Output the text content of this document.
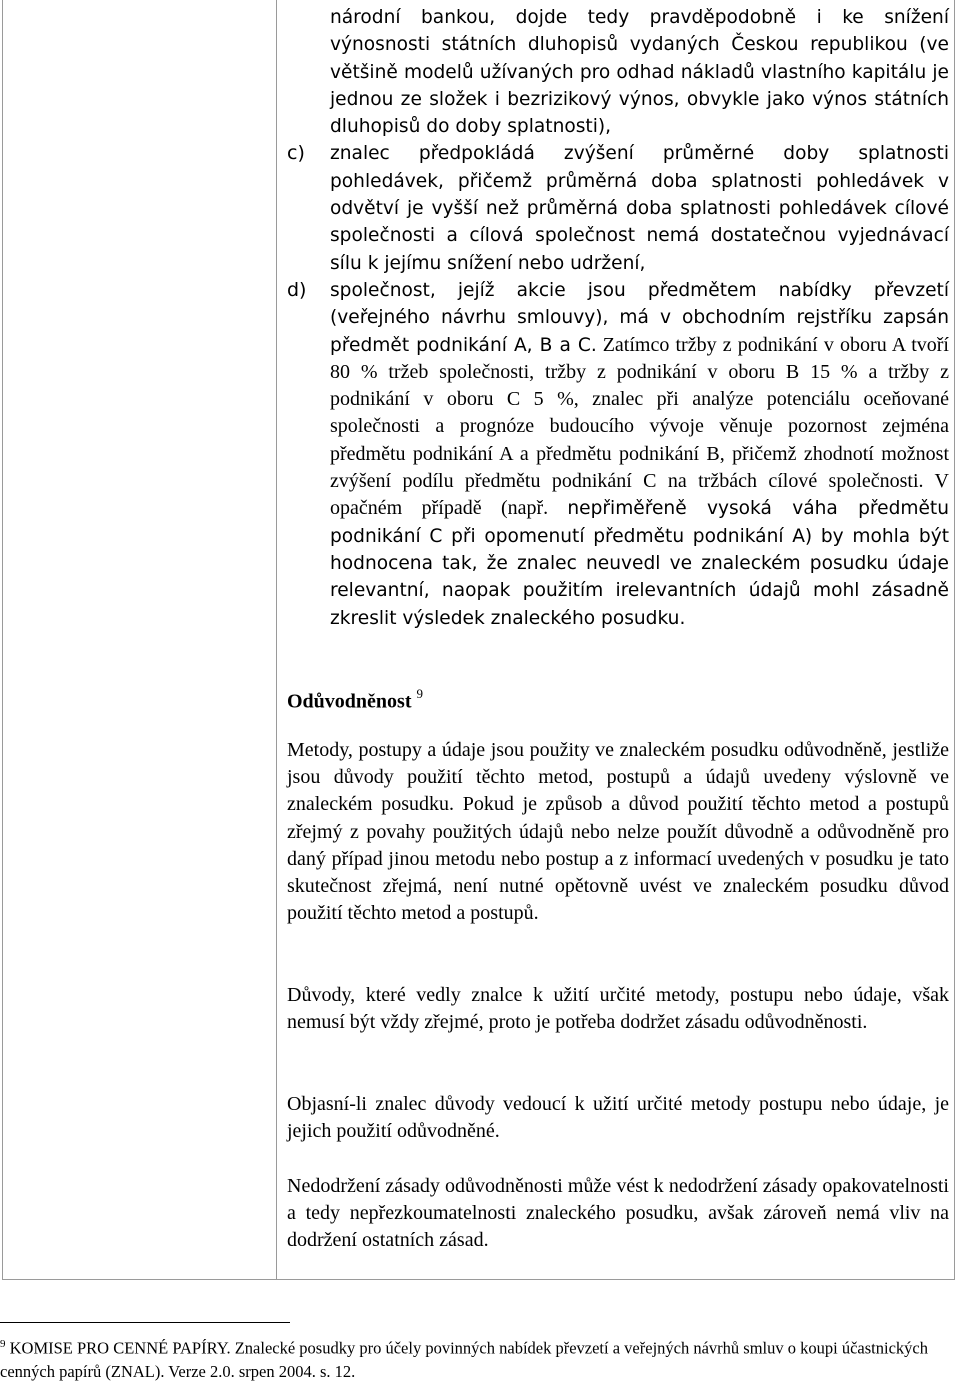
národní bankou, dojde tedy pravděpodobně i ke snížení výnosnosti státních dluhopisů vydaných Českou republikou (ve většině modelů užívaných pro odhad nákladů vlastního kapitálu je jednou ze složek i bezrizikový výnos, obvykle jako výnos státních dluhopisů do doby splatnosti),
c) znalec předpokládá zvýšení průměrné doby splatnosti pohledávek, přičemž průměrná doba splatnosti pohledávek v odvětví je vyšší než průměrná doba splatnosti pohledávek cílové společnosti a cílová společnost nemá dostatečnou vyjednávací sílu k jejímu snížení nebo udržení,
d) společnost, jejíž akcie jsou předmětem nabídky převzetí (veřejného návrhu smlouvy), má v obchodním rejstříku zapsán předmět podnikání A, B a C. Zatímco tržby z podnikání v oboru A tvoří 80 % tržeb společnosti, tržby z podnikání v oboru B 15 % a tržby z podnikání v oboru C 5 %, znalec při analýze potenciálu oceňované společnosti a prognóze budoucího vývoje věnuje pozornost zejména předmětu podnikání A a předmětu podnikání B, přičemž zhodnotí možnost zvýšení podílu předmětu podnikání C na tržbách cílové společnosti. V opačném případě (např. nepřiměřeně vysoká váha předmětu podnikání C při opomenutí předmětu podnikání A) by mohla být hodnocena tak, že znalec neuvedl ve znaleckém posudku údaje relevantní, naopak použitím irelevantních údajů mohl zásadně zkreslit výsledek znaleckého posudku.
Odůvodněnost $^9$

Metody, postupy a údaje jsou použity ve znaleckém posudku odůvodněně, jestliže jsou důvody použití těchto metod, postupů a údajů uvedeny výslovně ve znaleckém posudku. Pokud je způsob a důvod použití těchto metod a postupů zřejmý z povahy použitých údajů nebo nelze použít důvodně a odůvodněně pro daný případ jinou metodu nebo postup a z informací uvedených v posudku je tato skutečnost zřejmá, není nutné opětovně uvést ve znaleckém posudku důvod použití těchto metod a postupů.

Důvody, které vedly znalce k užití určité metody, postupu nebo údaje, však nemusí být vždy zřejmé, proto je potřeba dodržet zásadu odůvodněnosti.

Objasní-li znalec důvody vedoucí k užití určité metody postupu nebo údaje, je jejich použití odůvodněné.

Nedodržení zásady odůvodněnosti může vést k nedodržení zásady opakovatelnosti a tedy nepřezkoumatelnosti znaleckého posudku, avšak zároveň nemá vliv na dodržení ostatních zásad.

$^9$ KOMISE PRO CENNÉ PAPÍRY. Znalecké posudky pro účely povinných nabídek převzetí a veřejných návrhů smluv o koupi účastnických cenných papírů (ZNAL). Verze 2.0. srpen 2004. s. 12.
